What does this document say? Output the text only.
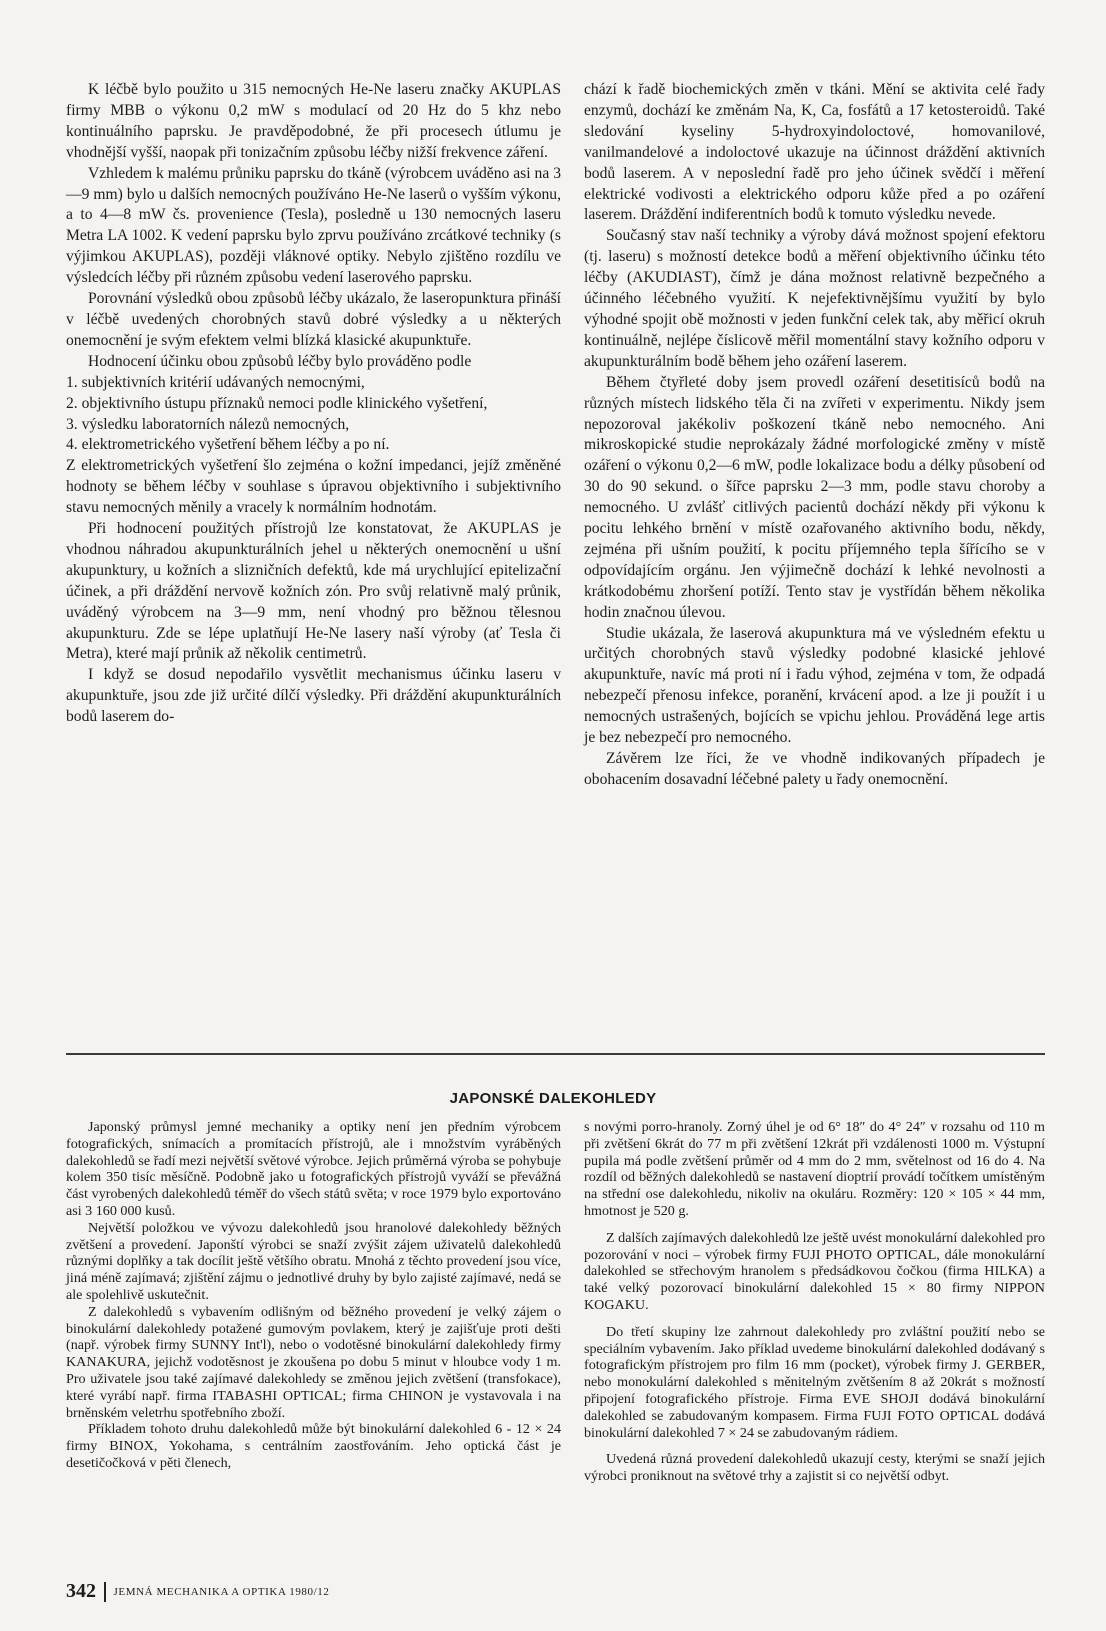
K léčbě bylo použito u 315 nemocných He-Ne laseru značky AKUPLAS firmy MBB o výkonu 0,2 mW s modulací od 20 Hz do 5 khz nebo kontinuálního paprsku. Je pravděpodobné, že při procesech útlumu je vhodnější vyšší, naopak při tonizačním způsobu léčby nižší frekvence záření.

Vzhledem k malému průniku paprsku do tkáně (výrobcem uváděno asi na 3—9 mm) bylo u dalších nemocných používáno He-Ne laserů o vyšším výkonu, a to 4—8 mW čs. provenience (Tesla), posledně u 130 nemocných laseru Metra LA 1002. K vedení paprsku bylo zprvu používáno zrcátkové techniky (s výjimkou AKUPLAS), později vláknové optiky. Nebylo zjištěno rozdílu ve výsledcích léčby při různém způsobu vedení laserového paprsku.

Porovnání výsledků obou způsobů léčby ukázalo, že laseropunktura přináší v léčbě uvedených chorobných stavů dobré výsledky a u některých onemocnění je svým efektem velmi blízká klasické akupunktuře.

Hodnocení účinku obou způsobů léčby bylo prováděno podle

1. subjektivních kritérií udávaných nemocnými,
2. objektivního ústupu příznaků nemoci podle klinického vyšetření,
3. výsledku laboratorních nálezů nemocných,
4. elektrometrického vyšetření během léčby a po ní.

Z elektrometrických vyšetření šlo zejména o kožní impedanci, jejíž změněné hodnoty se během léčby v souhlase s úpravou objektivního i subjektivního stavu nemocných měnily a vracely k normálním hodnotám.

Při hodnocení použitých přístrojů lze konstatovat, že AKUPLAS je vhodnou náhradou akupunkturálních jehel u některých onemocnění u ušní akupunktury, u kožních a slizničních defektů, kde má urychlující epitelizační účinek, a při dráždění nervově kožních zón. Pro svůj relativně malý průnik, uváděný výrobcem na 3—9 mm, není vhodný pro běžnou tělesnou akupunkturu. Zde se lépe uplatňují He-Ne lasery naší výroby (ať Tesla či Metra), které mají průnik až několik centimetrů.

I když se dosud nepodařilo vysvětlit mechanismus účinku laseru v akupunktuře, jsou zde již určité dílčí výsledky. Při dráždění akupunkturálních bodů laserem do-

chází k řadě biochemických změn v tkáni. Mění se aktivita celé řady enzymů, dochází ke změnám Na, K, Ca, fosfátů a 17 ketosteroidů. Také sledování kyseliny 5-hydroxyindoloctové, homovanilové, vanilmandelové a indoloctové ukazuje na účinnost dráždění aktivních bodů laserem. A v neposlední řadě pro jeho účinek svědčí i měření elektrické vodivosti a elektrického odporu kůže před a po ozáření laserem. Dráždění indiferentních bodů k tomuto výsledku nevede.

Současný stav naší techniky a výroby dává možnost spojení efektoru (tj. laseru) s možností detekce bodů a měření objektivního účinku této léčby (AKUDIAST), čímž je dána možnost relativně bezpečného a účinného léčebného využití. K nejefektivnějšímu využití by bylo výhodné spojit obě možnosti v jeden funkční celek tak, aby měřicí okruh kontinuálně, nejlépe číslicově měřil momentální stavy kožního odporu v akupunkturálním bodě během jeho ozáření laserem.

Během čtyřleté doby jsem provedl ozáření desetitisíců bodů na různých místech lidského těla či na zvířeti v experimentu. Nikdy jsem nepozoroval jakékoliv poškození tkáně nebo nemocného. Ani mikroskopické studie neprokázaly žádné morfologické změny v místě ozáření o výkonu 0,2—6 mW, podle lokalizace bodu a délky působení od 30 do 90 sekund. o šířce paprsku 2—3 mm, podle stavu choroby a nemocného. U zvlášť citlivých pacientů dochází někdy při výkonu k pocitu lehkého brnění v místě ozařovaného aktivního bodu, někdy, zejména při ušním použití, k pocitu příjemného tepla šířícího se v odpovídajícím orgánu. Jen výjimečně dochází k lehké nevolnosti a krátkodobému zhoršení potíží. Tento stav je vystřídán během několika hodin značnou úlevou.

Studie ukázala, že laserová akupunktura má ve výsledném efektu u určitých chorobných stavů výsledky podobné klasické jehlové akupunktuře, navíc má proti ní i řadu výhod, zejména v tom, že odpadá nebezpečí přenosu infekce, poranění, krvácení apod. a lze ji použít i u nemocných ustrašených, bojících se vpichu jehlou. Prováděná lege artis je bez nebezpečí pro nemocného.

Závěrem lze říci, že ve vhodně indikovaných případech je obohacením dosavadní léčebné palety u řady onemocnění.

JAPONSKÉ DALEKOHLEDY

Japonský průmysl jemné mechaniky a optiky není jen předním výrobcem fotografických, snímacích a promítacích přístrojů, ale i množstvím vyráběných dalekohledů se řadí mezi největší světové výrobce. Jejich průměrná výroba se pohybuje kolem 350 tisíc měsíčně. Podobně jako u fotografických přístrojů vyváží se převážná část vyrobených dalekohledů téměř do všech států světa; v roce 1979 bylo exportováno asi 3 160 000 kusů.

Největší položkou ve vývozu dalekohledů jsou hranolové dalekohledy běžných zvětšení a provedení. Japonští výrobci se snaží zvýšit zájem uživatelů dalekohledů různými doplňky a tak docílit ještě většího obratu. Mnohá z těchto provedení jsou více, jiná méně zajímavá; zjištění zájmu o jednotlivé druhy by bylo zajisté zajímavé, nedá se ale spolehlivě uskutečnit.

Z dalekohledů s vybavením odlišným od běžného provedení je velký zájem o binokulární dalekohledy potažené gumovým povlakem, který je zajišťuje proti dešti (např. výrobek firmy SUNNY Int'l), nebo o vodotěsné binokulární dalekohledy firmy KANAKURA, jejichž vodotěsnost je zkoušena po dobu 5 minut v hloubce vody 1 m. Pro uživatele jsou také zajímavé dalekohledy se změnou jejich zvětšení (transfokace), které vyrábí např. firma ITABASHI OPTICAL; firma CHINON je vystavovala i na brněnském veletrhu spotřebního zboží.

Příkladem tohoto druhu dalekohledů může být binokulární dalekohled 6 - 12 × 24 firmy BINOX, Yokohama, s centrálním zaostřováním. Jeho optická část je desetičočková v pěti členech,

s novými porro-hranoly. Zorný úhel je od 6° 18″ do 4° 24″ v rozsahu od 110 m při zvětšení 6krát do 77 m při zvětšení 12krát při vzdálenosti 1000 m. Výstupní pupila má podle zvětšení průměr od 4 mm do 2 mm, světelnost od 16 do 4. Na rozdíl od běžných dalekohledů se nastavení dioptrií provádí točítkem umístěným na střední ose dalekohledu, nikoliv na okuláru. Rozměry: 120 × 105 × 44 mm, hmotnost je 520 g.

Z dalších zajímavých dalekohledů lze ještě uvést monokulární dalekohled pro pozorování v noci – výrobek firmy FUJI PHOTO OPTICAL, dále monokulární dalekohled se střechovým hranolem s předsádkovou čočkou (firma HILKA) a také velký pozorovací binokulární dalekohled 15 × 80 firmy NIPPON KOGAKU.

Do třetí skupiny lze zahrnout dalekohledy pro zvláštní použití nebo se speciálním vybavením. Jako příklad uvedeme binokulární dalekohled dodávaný s fotografickým přístrojem pro film 16 mm (pocket), výrobek firmy J. GERBER, nebo monokulární dalekohled s měnitelným zvětšením 8 až 20krát s možností připojení fotografického přístroje. Firma EVE SHOJI dodává binokulární dalekohled se zabudovaným kompasem. Firma FUJI FOTO OPTICAL dodává binokulární dalekohled 7 × 24 se zabudovaným rádiem.

Uvedená různá provedení dalekohledů ukazují cesty, kterými se snaží jejich výrobci proniknout na světové trhy a zajistit si co největší odbyt.

342 JEMNÁ MECHANIKA A OPTIKA 1980/12
